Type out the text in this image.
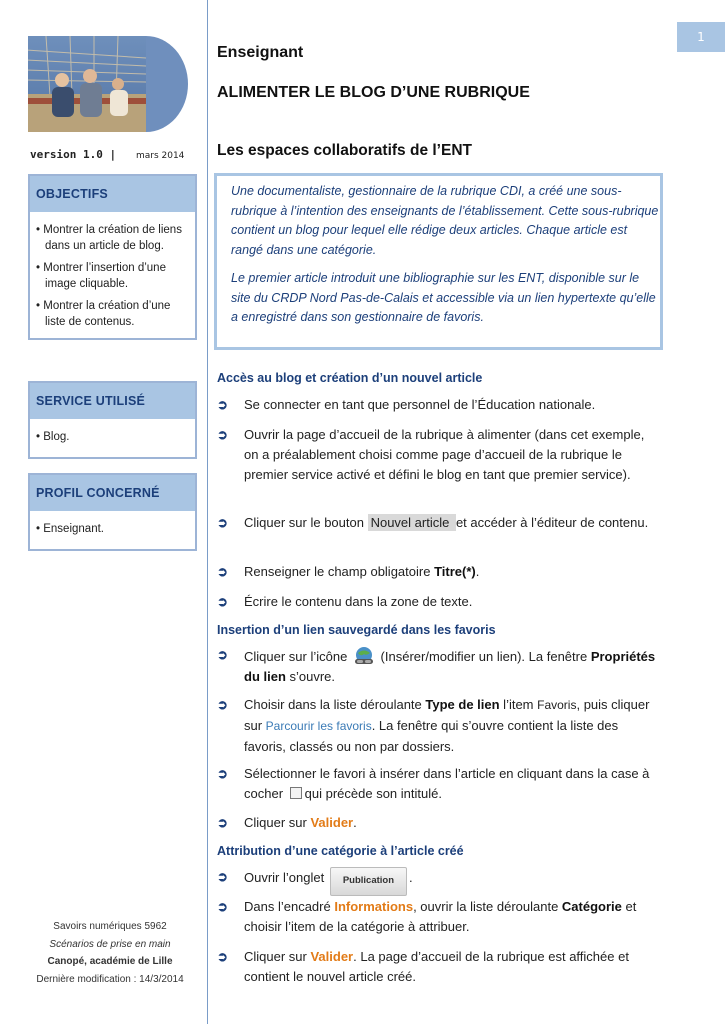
1
version 1.0 | mars 2014
OBJECTIFS
• Montrer la création de liens dans un article de blog.
• Montrer l’insertion d’une image cliquable.
• Montrer la création d’une liste de contenus.
SERVICE UTILISÉ
• Blog.
PROFIL CONCERNÉ
• Enseignant.
Savoirs numériques 5962
Scénarios de prise en main
Canopé, académie de Lille
Dernière modification : 14/3/2014
Enseignant
ALIMENTER LE BLOG D’UNE RUBRIQUE
Les espaces collaboratifs de l’ENT

Une documentaliste, gestionnaire de la rubrique CDI, a créé une sous-rubrique à l’intention des enseignants de l’établissement. Cette sous-rubrique contient un blog pour lequel elle rédige deux articles. Chaque article est rangé dans une catégorie.

Le premier article introduit une bibliographie sur les ENT, disponible sur le site du CRDP Nord Pas-de-Calais et accessible via un lien hypertexte qu’elle a enregistré dans son gestionnaire de favoris.

Accès au blog et création d’un nouvel article
➲	Se connecter en tant que personnel de l’Éducation nationale.
➲	Ouvrir la page d’accueil de la rubrique à alimenter (dans cet exemple, on a préalablement choisi comme page d’accueil de la rubrique le premier service activé et défini le blog en tant que premier service).
➲	Cliquer sur le bouton Nouvel article et accéder à l’éditeur de contenu.
➲	Renseigner le champ obligatoire Titre(*).
➲	Écrire le contenu dans la zone de texte.
Insertion d’un lien sauvegardé dans les favoris
➲	Cliquer sur l’icône  (Insérer/modifier un lien). La fenêtre Propriétés du lien s’ouvre.
➲	Choisir dans la liste déroulante Type de lien l’item Favoris, puis cliquer sur Parcourir les favoris. La fenêtre qui s’ouvre contient la liste des favoris, classés ou non par dossiers.
➲	Sélectionner le favori à insérer dans l’article en cliquant dans la case à cocher qui précède son intitulé.
➲	Cliquer sur Valider.
Attribution d’une catégorie à l’article créé
➲	Ouvrir l’onglet Publication .
➲	Dans l’encadré Informations, ouvrir la liste déroulante Catégorie et choisir l’item de la catégorie à attribuer.
➲	Cliquer sur Valider. La page d’accueil de la rubrique est affichée et contient le nouvel article créé.
